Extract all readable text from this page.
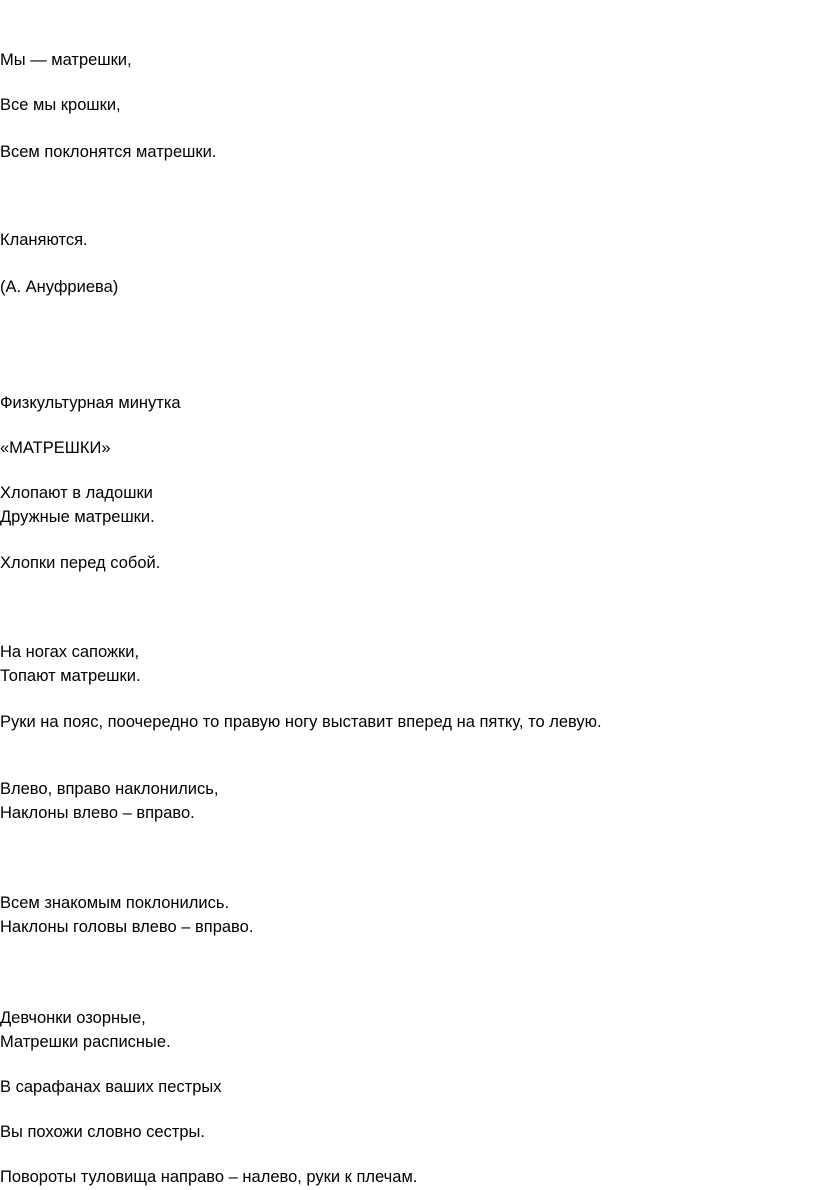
Мы — матрешки,
Все мы крошки,
Всем поклонятся матрешки.
Кланяются.
(А. Ануфриева)
Физкультурная минутка
«МАТРЕШКИ»
Хлопают в ладошки
Дружные матрешки.
Хлопки перед собой.
На ногах сапожки,
Топают матрешки.
Руки на пояс, поочередно то правую ногу выставит вперед на пятку, то левую.
Влево, вправо наклонились,
Наклоны влево – вправо.
Всем знакомым поклонились.
Наклоны головы влево – вправо.
Девчонки озорные,
Матрешки расписные.
В сарафанах ваших пестрых
Вы похожи словно сестры.
Повороты туловища направо – налево, руки к плечам.
